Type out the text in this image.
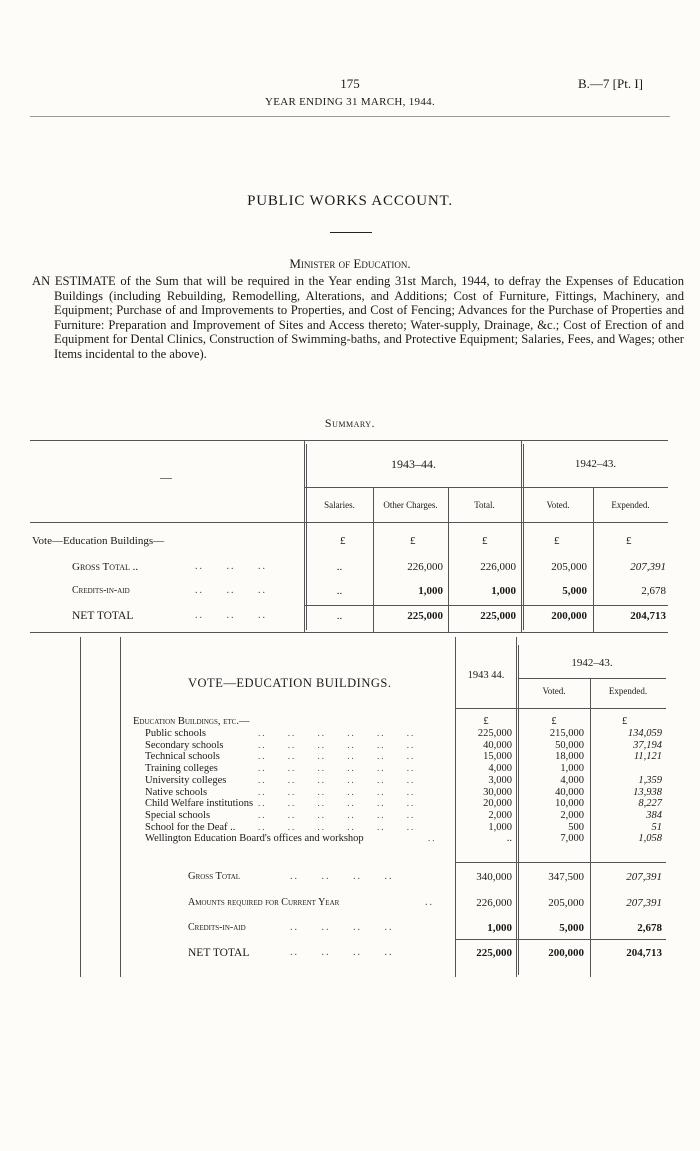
175	B.—7 [Pt. I]
YEAR ENDING 31 MARCH, 1944.
PUBLIC WORKS ACCOUNT.
Minister of Education.
AN ESTIMATE of the Sum that will be required in the Year ending 31st March, 1944, to defray the Expenses of Education Buildings (including Rebuilding, Remodelling, Alterations, and Additions; Cost of Furniture, Fittings, Machinery, and Equipment; Purchase of and Improvements to Properties, and Cost of Fencing; Advances for the Purchase of Properties and Furniture: Preparation and Improvement of Sites and Access thereto; Water-supply, Drainage, &c.; Cost of Erection of and Equipment for Dental Clinics, Construction of Swimming-baths, and Protective Equipment; Salaries, Fees, and Wages; other Items incidental to the above).
Summary.
—
1943–44.	1942–43.
Salaries.	Other Charges.	Total.	Voted.	Expended.
Vote—Education Buildings—	£	£	£	£	£
Gross Total ..	..     ..     ..	..	226,000	226,000	205,000	207,391
Credits-in-aid	..     ..     ..	..	1,000	1,000	5,000	2,678
NET TOTAL	..     ..     ..	..	225,000	225,000	200,000	204,713
VOTE—EDUCATION BUILDINGS.
1943 44.
1942–43.
Voted.	Expended.
Education Buildings, etc.—	£	£	£
Public schools	..     ..     ..     ..     ..     ..	225,000	215,000	134,059
Secondary schools	..     ..     ..     ..     ..     ..	40,000	50,000	37,194
Technical schools	..     ..     ..     ..     ..     ..	15,000	18,000	11,121
Training colleges	..     ..     ..     ..     ..     ..	4,000	1,000
University colleges	..     ..     ..     ..     ..     ..	3,000	4,000	1,359
Native schools	..     ..     ..     ..     ..     ..	30,000	40,000	13,938
Child Welfare institutions ..     ..     ..     ..     ..     ..	20,000	10,000	8,227
Special schools	..     ..     ..     ..     ..     ..	2,000	2,000	384
School for the Deaf ..	..     ..     ..     ..     ..     ..	1,000	500	51
Wellington Education Board's offices and workshop	..	..	7,000	1,058
Gross Total	..     ..     ..     ..	340,000	347,500	207,391
Amounts required for Current Year	..	226,000	205,000	207,391
Credits-in-aid	..     ..     ..     ..	1,000	5,000	2,678
NET TOTAL	..     ..     ..     ..	225,000	200,000	204,713
